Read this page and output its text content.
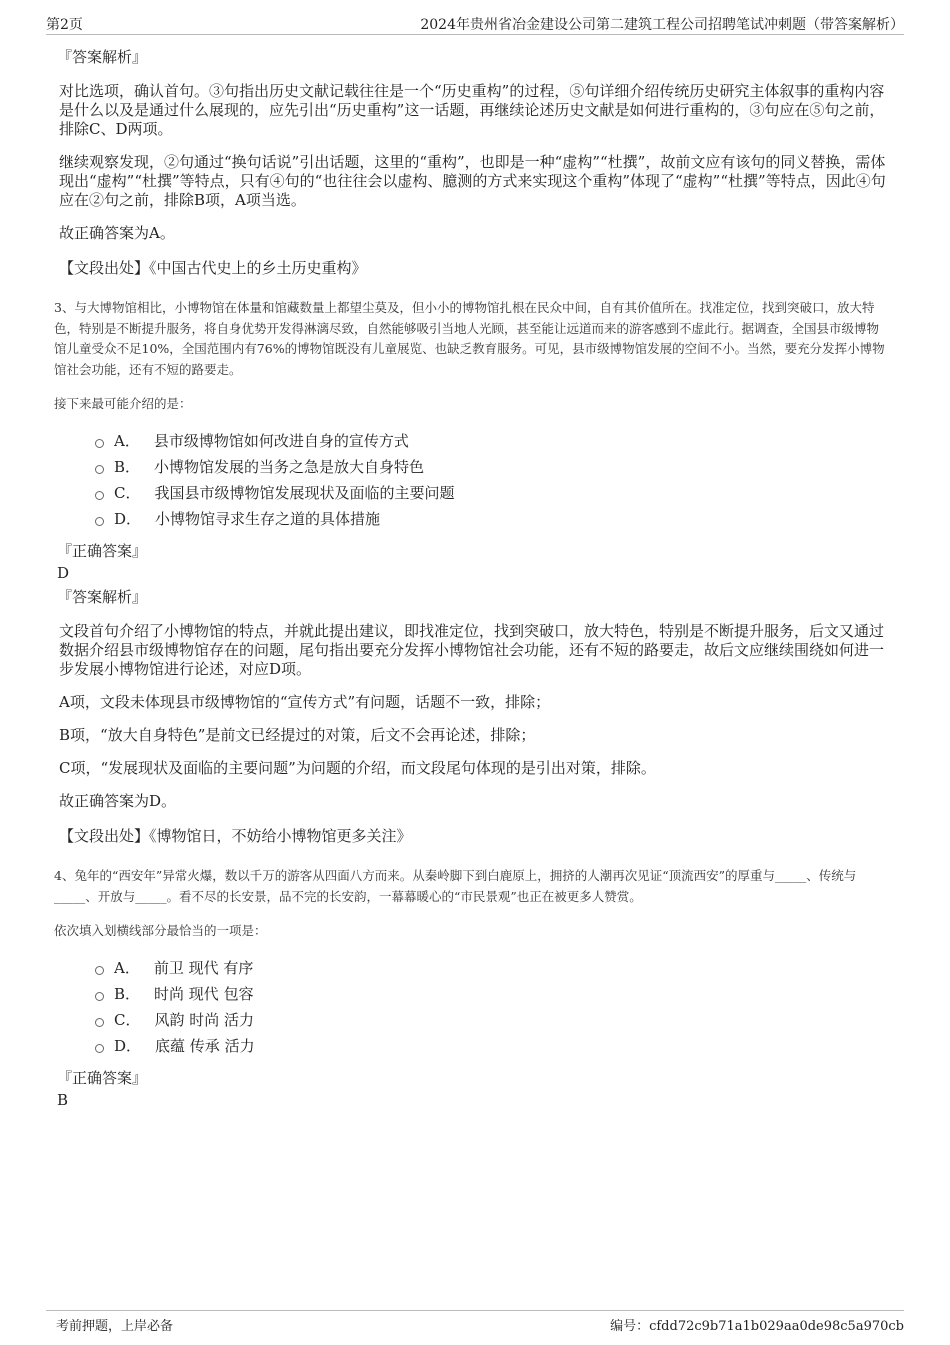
第2页	2024年贵州省冶金建设公司第二建筑工程公司招聘笔试冲刺题（带答案解析）
『答案解析』

对比选项，确认首句。③句指出历史文献记载往往是一个“历史重构”的过程，⑤句详细介绍传统历史研究主体叙事的重构内容是什么以及是通过什么展现的，应先引出“历史重构”这一话题，再继续论述历史文献是如何进行重构的，③句应在⑤句之前，排除C、D两项。

继续观察发现，②句通过“换句话说”引出话题，这里的“重构”，也即是一种“虚构”“杜撰”，故前文应有该句的同义替换，需体现出“虚构”“杜撰”等特点，只有④句的“也往往会以虚构、臆测的方式来实现这个重构”体现了“虚构”“杜撰”等特点，因此④句应在②句之前，排除B项，A项当选。

故正确答案为A。

【文段出处】《中国古代史上的乡土历史重构》
3、与大博物馆相比，小博物馆在体量和馆藏数量上都望尘莫及，但小小的博物馆扎根在民众中间，自有其价值所在。找准定位，找到突破口，放大特色，特别是不断提升服务，将自身优势开发得淋漓尽致，自然能够吸引当地人光顾，甚至能让远道而来的游客感到不虚此行。据调查，全国县市级博物馆儿童受众不足10%，全国范围内有76%的博物馆既没有儿童展览、也缺乏教育服务。可见，县市级博物馆发展的空间不小。当然，要充分发挥小博物馆社会功能，还有不短的路要走。
接下来最可能介绍的是：
A． 县市级博物馆如何改进自身的宣传方式
B． 小博物馆发展的当务之急是放大自身特色
C． 我国县市级博物馆发展现状及面临的主要问题
D． 小博物馆寻求生存之道的具体措施
『正确答案』
D
『答案解析』

文段首句介绍了小博物馆的特点，并就此提出建议，即找准定位，找到突破口，放大特色，特别是不断提升服务，后文又通过数据介绍县市级博物馆存在的问题，尾句指出要充分发挥小博物馆社会功能，还有不短的路要走，故后文应继续围绕如何进一步发展小博物馆进行论述，对应D项。

A项，文段未体现县市级博物馆的“宣传方式”有问题，话题不一致，排除；

B项，“放大自身特色”是前文已经提过的对策，后文不会再论述，排除；

C项，“发展现状及面临的主要问题”为问题的介绍，而文段尾句体现的是引出对策，排除。

故正确答案为D。

【文段出处】《博物馆日，不妨给小博物馆更多关注》
4、兔年的“西安年”异常火爆，数以千万的游客从四面八方而来。从秦岭脚下到白鹿原上，拥挤的人潮再次见证“顶流西安”的厚重与_____、传统与_____、开放与_____。看不尽的长安景，品不完的长安韵，一幕幕暖心的“市民景观”也正在被更多人赞赏。
依次填入划横线部分最恰当的一项是：
A． 前卫 现代 有序
B． 时尚 现代 包容
C． 风韵 时尚 活力
D． 底蕴 传承 活力
『正确答案』
B
考前押题，上岸必备	编号：cfdd72c9b71a1b029aa0de98c5a970cb
